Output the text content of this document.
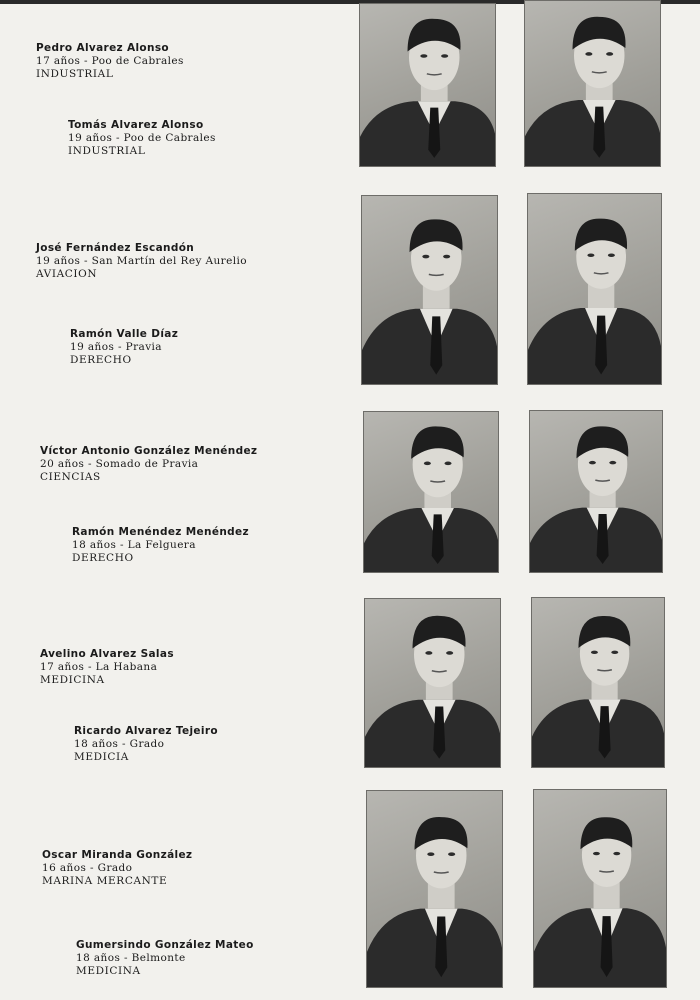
Pedro Alvarez Alonso
17 años - Poo de Cabrales
INDUSTRIAL
Tomás Alvarez Alonso
19 años - Poo de Cabrales
INDUSTRIAL
José Fernández Escandón
19 años - San Martín del Rey Aurelio
AVIACION
Ramón Valle Díaz
19 años - Pravia
DERECHO
Víctor Antonio González Menéndez
20 años - Somado de Pravia
CIENCIAS
Ramón Menéndez Menéndez
18 años - La Felguera
DERECHO
Avelino Alvarez Salas
17 años - La Habana
MEDICINA
Ricardo Alvarez Tejeiro
18 años - Grado
MEDICIA
Oscar Miranda González
16 años - Grado
MARINA MERCANTE
Gumersindo González Mateo
18 años - Belmonte
MEDICINA
